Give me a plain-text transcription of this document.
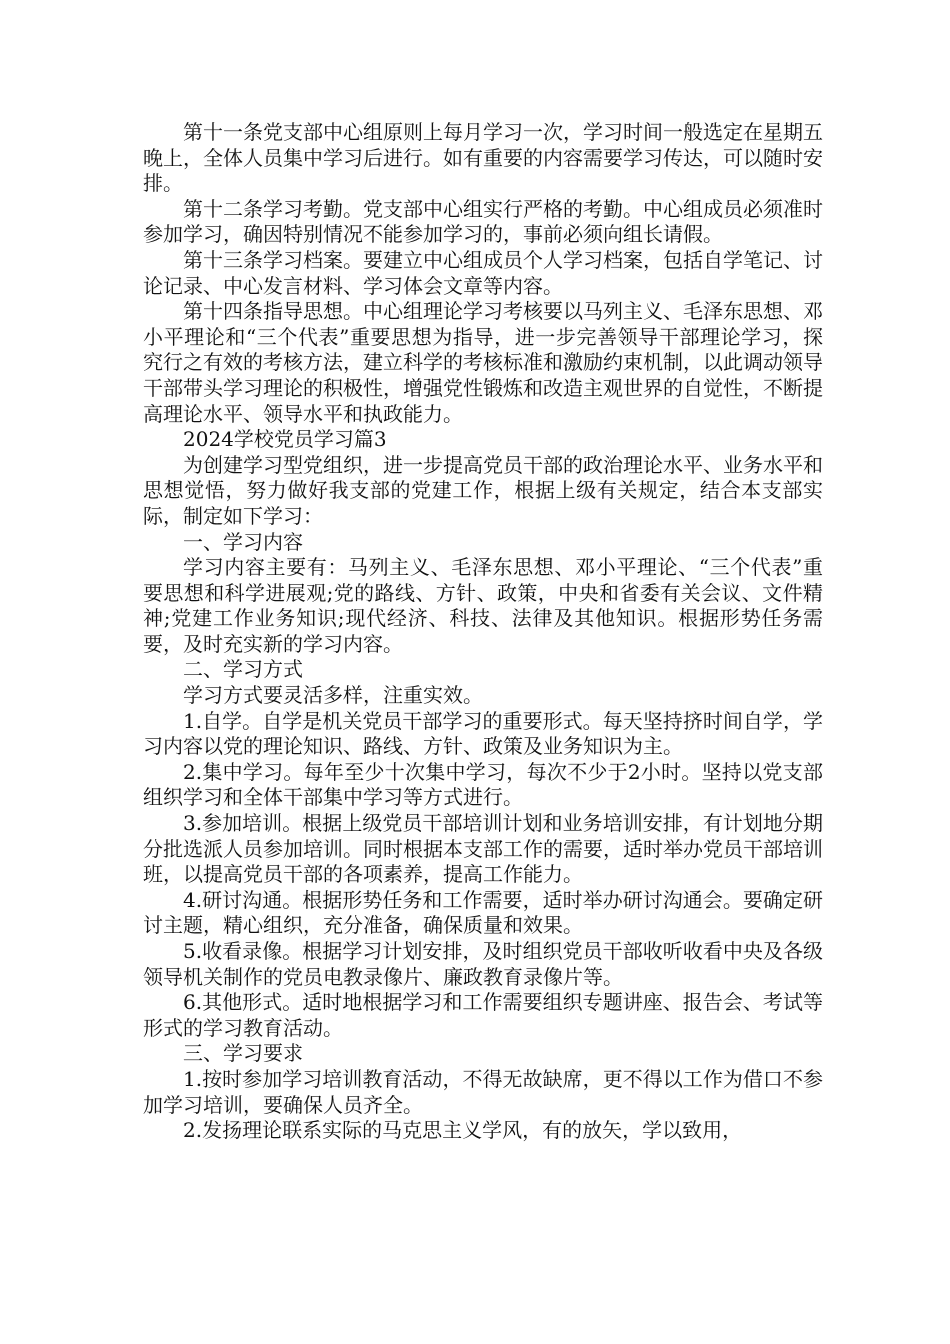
第十一条党支部中心组原则上每月学习一次，学习时间一般选定在星期五晚上，全体人员集中学习后进行。如有重要的内容需要学习传达，可以随时安排。

第十二条学习考勤。党支部中心组实行严格的考勤。中心组成员必须准时参加学习，确因特别情况不能参加学习的，事前必须向组长请假。

第十三条学习档案。要建立中心组成员个人学习档案，包括自学笔记、讨论记录、中心发言材料、学习体会文章等内容。

第十四条指导思想。中心组理论学习考核要以马列主义、毛泽东思想、邓小平理论和“三个代表”重要思想为指导，进一步完善领导干部理论学习，探究行之有效的考核方法，建立科学的考核标准和激励约束机制，以此调动领导干部带头学习理论的积极性，增强党性锻炼和改造主观世界的自觉性，不断提高理论水平、领导水平和执政能力。

2024学校党员学习篇3

为创建学习型党组织，进一步提高党员干部的政治理论水平、业务水平和思想觉悟，努力做好我支部的党建工作，根据上级有关规定，结合本支部实际，制定如下学习：

一、学习内容

学习内容主要有：马列主义、毛泽东思想、邓小平理论、“三个代表”重要思想和科学进展观;党的路线、方针、政策，中央和省委有关会议、文件精神;党建工作业务知识;现代经济、科技、法律及其他知识。根据形势任务需要，及时充实新的学习内容。

二、学习方式

学习方式要灵活多样，注重实效。

1.自学。自学是机关党员干部学习的重要形式。每天坚持挤时间自学，学习内容以党的理论知识、路线、方针、政策及业务知识为主。

2.集中学习。每年至少十次集中学习，每次不少于2小时。坚持以党支部组织学习和全体干部集中学习等方式进行。

3.参加培训。根据上级党员干部培训计划和业务培训安排，有计划地分期分批选派人员参加培训。同时根据本支部工作的需要，适时举办党员干部培训班，以提高党员干部的各项素养，提高工作能力。

4.研讨沟通。根据形势任务和工作需要，适时举办研讨沟通会。要确定研讨主题，精心组织，充分准备，确保质量和效果。

5.收看录像。根据学习计划安排，及时组织党员干部收听收看中央及各级领导机关制作的党员电教录像片、廉政教育录像片等。

6.其他形式。适时地根据学习和工作需要组织专题讲座、报告会、考试等形式的学习教育活动。

三、学习要求

1.按时参加学习培训教育活动，不得无故缺席，更不得以工作为借口不参加学习培训，要确保人员齐全。

2.发扬理论联系实际的马克思主义学风，有的放矢，学以致用，
